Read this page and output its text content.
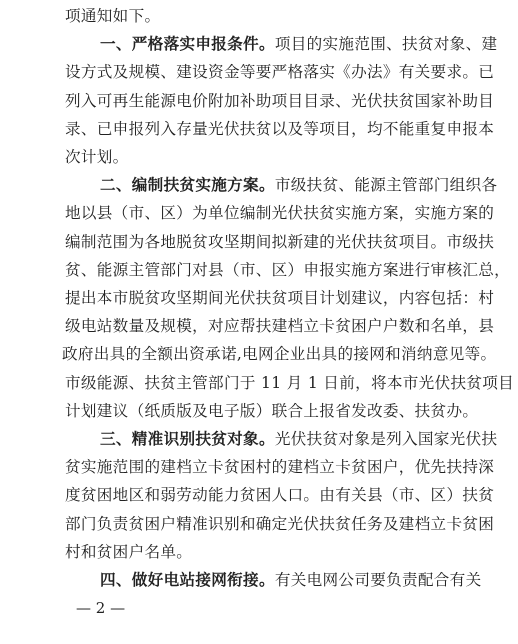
项通知如下。
一、严格落实申报条件。项目的实施范围、扶贫对象、建
设方式及规模、建设资金等要严格落实《办法》有关要求。已
列入可再生能源电价附加补助项目目录、光伏扶贫国家补助目
录、已申报列入存量光伏扶贫以及等项目，均不能重复申报本
次计划。
二、编制扶贫实施方案。市级扶贫、能源主管部门组织各
地以县（市、区）为单位编制光伏扶贫实施方案，实施方案的
编制范围为各地脱贫攻坚期间拟新建的光伏扶贫项目。市级扶
贫、能源主管部门对县（市、区）申报实施方案进行审核汇总，
提出本市脱贫攻坚期间光伏扶贫项目计划建议，内容包括：村
级电站数量及规模，对应帮扶建档立卡贫困户户数和名单，县
政府出具的全额出资承诺,电网企业出具的接网和消纳意见等。
市级能源、扶贫主管部门于 11 月 1 日前，将本市光伏扶贫项目
计划建议（纸质版及电子版）联合上报省发改委、扶贫办。
三、精准识别扶贫对象。光伏扶贫对象是列入国家光伏扶
贫实施范围的建档立卡贫困村的建档立卡贫困户，优先扶持深
度贫困地区和弱劳动能力贫困人口。由有关县（市、区）扶贫
部门负责贫困户精准识别和确定光伏扶贫任务及建档立卡贫困
村和贫困户名单。
四、做好电站接网衔接。有关电网公司要负责配合有关
— 2 —
